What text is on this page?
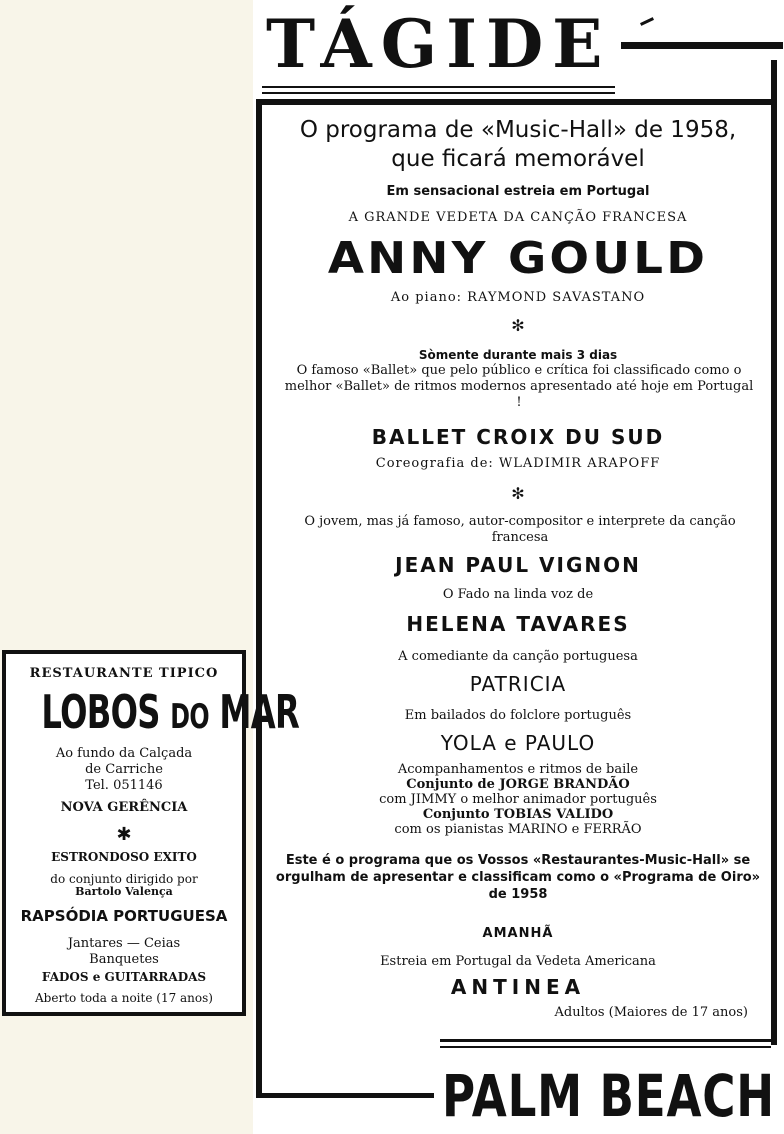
TÁGIDE
O programa de «Music-Hall» de 1958,
que ficará memorável
Em sensacional estreia em Portugal
A GRANDE VEDETA DA CANÇÃO FRANCESA
ANNY GOULD
Ao piano: RAYMOND SAVASTANO
✻
Sòmente durante mais 3 dias
O famoso «Ballet» que pelo público e crítica foi classificado como o melhor «Ballet» de ritmos modernos apresentado até hoje em Portugal !
BALLET CROIX DU SUD
Coreografia de: WLADIMIR ARAPOFF
✻
O jovem, mas já famoso, autor-compositor e interprete da canção francesa
JEAN PAUL VIGNON
O Fado na linda voz de
HELENA TAVARES
A comediante da canção portuguesa
PATRICIA
Em bailados do folclore português
YOLA e PAULO
Acompanhamentos e ritmos de baile
Conjunto de JORGE BRANDÃO
com JIMMY o melhor animador português
Conjunto TOBIAS VALIDO
com os pianistas MARINO e FERRÃO
Este é o programa que os Vossos «Restaurantes-Music-Hall» se orgulham de apresentar e classificam como o «Programa de Oiro» de 1958
AMANHÃ
Estreia em Portugal da Vedeta Americana
ANTINEA
Adultos (Maiores de 17 anos)
PALM BEACH
RESTAURANTE TIPICO
LOBOS DO MAR
Ao fundo da Calçada
de Carriche
Tel. 051146
NOVA GERÊNCIA
✱
ESTRONDOSO EXITO
do conjunto dirigido por
Bartolo Valença
RAPSÓDIA PORTUGUESA
Jantares — Ceias
Banquetes
FADOS e GUITARRADAS
Aberto toda a noite (17 anos)
